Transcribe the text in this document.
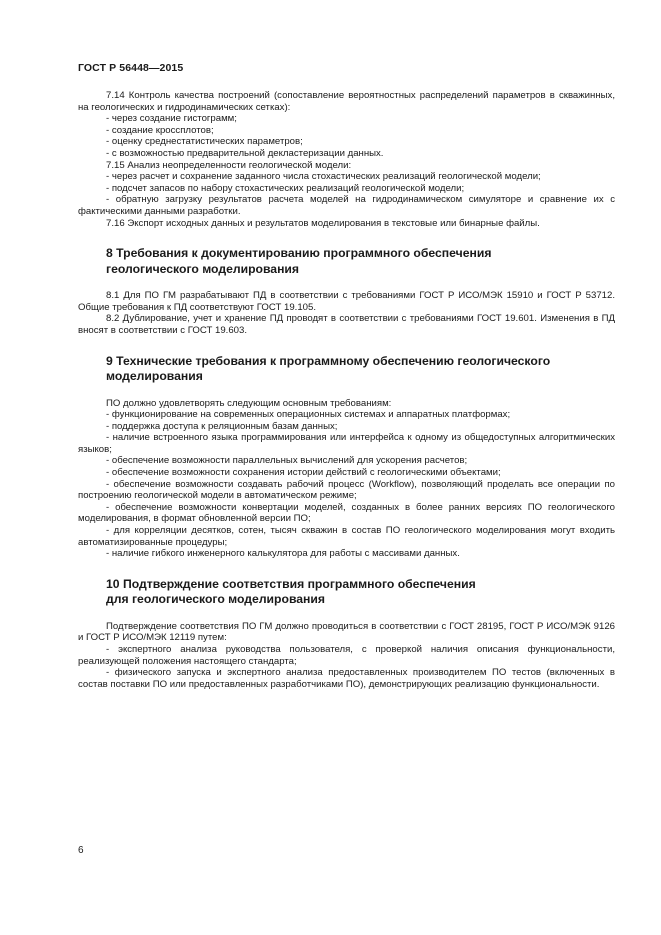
ГОСТ Р 56448—2015

7.14 Контроль качества построений (сопоставление вероятностных распределений параметров в скважинных, на геологических и гидродинамических сетках):

- через создание гистограмм;

- создание кроссплотов;

- оценку среднестатистических параметров;

- с возможностью предварительной декластеризации данных.

7.15 Анализ неопределенности геологической модели:

- через расчет и сохранение заданного числа стохастических реализаций геологической модели;

- подсчет запасов по набору стохастических реализаций геологической модели;

- обратную загрузку результатов расчета моделей на гидродинамическом симуляторе и сравнение их с фактическими данными разработки.

7.16 Экспорт исходных данных и результатов моделирования в текстовые или бинарные файлы.

8 Требования к документированию программного обеспечения
геологического моделирования

8.1 Для ПО ГМ разрабатывают ПД в соответствии с требованиями ГОСТ Р ИСО/МЭК 15910 и ГОСТ Р 53712. Общие требования к ПД соответствуют ГОСТ 19.105.

8.2 Дублирование, учет и хранение ПД проводят в соответствии с требованиями ГОСТ 19.601. Изменения в ПД вносят в соответствии с ГОСТ 19.603.

9 Технические требования к программному обеспечению геологического
моделирования

ПО должно удовлетворять следующим основным требованиям:

- функционирование на современных операционных системах и аппаратных платформах;

- поддержка доступа к реляционным базам данных;

- наличие встроенного языка программирования или интерфейса к одному из общедоступных алгоритмических языков;

- обеспечение возможности параллельных вычислений для ускорения расчетов;

- обеспечение возможности сохранения истории действий с геологическими объектами;

- обеспечение возможности создавать рабочий процесс (Workflow), позволяющий проделать все операции по построению геологической модели в автоматическом режиме;

- обеспечение возможности конвертации моделей, созданных в более ранних версиях ПО геологического моделирования, в формат обновленной версии ПО;

- для корреляции десятков, сотен, тысяч скважин в состав ПО геологического моделирования могут входить автоматизированные процедуры;

- наличие гибкого инженерного калькулятора для работы с массивами данных.

10 Подтверждение соответствия программного обеспечения
для геологического моделирования

Подтверждение соответствия ПО ГМ должно проводиться в соответствии с ГОСТ 28195, ГОСТ Р ИСО/МЭК 9126 и ГОСТ Р ИСО/МЭК 12119 путем:

- экспертного анализа руководства пользователя, с проверкой наличия описания функциональности, реализующей положения настоящего стандарта;

- физического запуска и экспертного анализа предоставленных производителем ПО тестов (включенных в состав поставки ПО или предоставленных разработчиками ПО), демонстрирующих реализацию функциональности.

6
